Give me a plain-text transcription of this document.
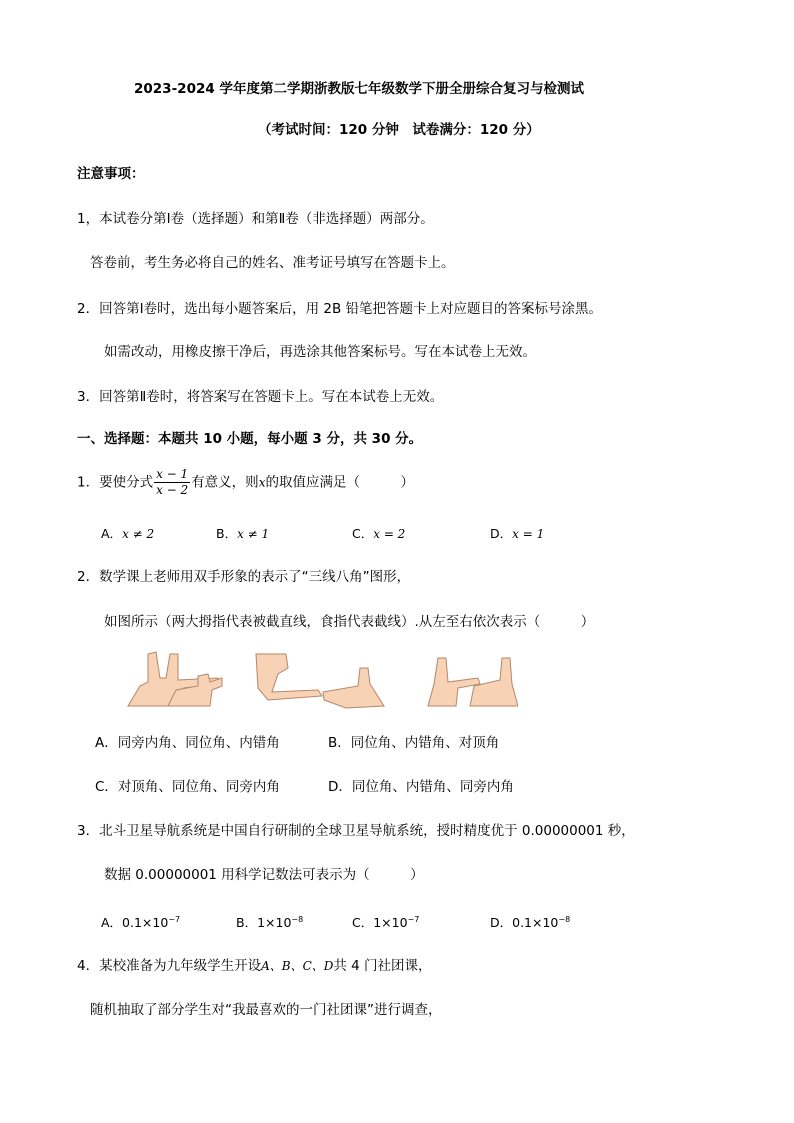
2023-2024 学年度第二学期浙教版七年级数学下册全册综合复习与检测试
（考试时间：120 分钟　试卷满分：120 分）
注意事项：
1，本试卷分第Ⅰ卷（选择题）和第Ⅱ卷（非选择题）两部分。
答卷前，考生务必将自己的姓名、准考证号填写在答题卡上。
2．回答第Ⅰ卷时，选出每小题答案后，用 2B 铅笔把答题卡上对应题目的答案标号涂黑。
如需改动，用橡皮擦干净后，再选涂其他答案标号。写在本试卷上无效。
3．回答第Ⅱ卷时，将答案写在答题卡上。写在本试卷上无效。
一、选择题：本题共 10 小题，每小题 3 分，共 30 分。
1．要使分式 $\frac{x - 1}{x - 2}$ 有意义，则x的取值应满足（　　　）
A．x ≠ 2	B．x ≠ 1	C．x = 2	D．x = 1
2．数学课上老师用双手形象的表示了“三线八角”图形，
如图所示（两大拇指代表被截直线，食指代表截线）.从左至右依次表示（　　　）
A．同旁内角、同位角、内错角	B．同位角、内错角、对顶角
C．对顶角、同位角、同旁内角	D．同位角、内错角、同旁内角
3．北斗卫星导航系统是中国自行研制的全球卫星导航系统，授时精度优于 0.00000001 秒，
数据 0.00000001 用科学记数法可表示为（　　　）
A．$0.1\times 10^{-7}$	B．$1\times 10^{-8}$	C．$1\times 10^{-7}$	D．$0.1\times 10^{-8}$
4．某校准备为九年级学生开设A、B、C、D共 4 门社团课，
随机抽取了部分学生对“我最喜欢的一门社团课”进行调查，
